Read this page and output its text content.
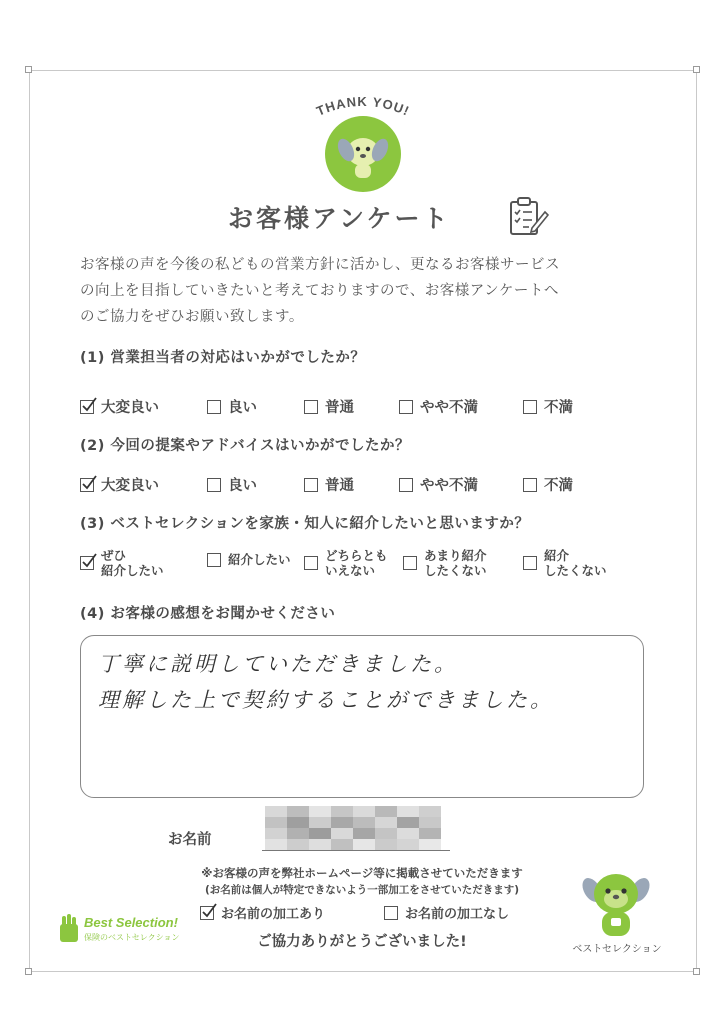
THANK YOU!
お客様アンケート
お客様の声を今後の私どもの営業方針に活かし、更なるお客様サービス
の向上を目指していきたいと考えておりますので、お客様アンケートへ
のご協力をぜひお願い致します。
(1) 営業担当者の対応はいかがでしたか？
大変良い	良い	普通	やや不満	不満
(2) 今回の提案やアドバイスはいかがでしたか？
大変良い	良い	普通	やや不満	不満
(3) ベストセレクションを家族・知人に紹介したいと思いますか？
ぜひ
紹介したい
紹介したい	どちらとも
いえない
あまり紹介
したくない
紹介
したくない
(4) お客様の感想をお聞かせください
丁寧に説明していただきました。
理解した上で契約することができました。
お名前
※お客様の声を弊社ホームページ等に掲載させていただきます
(お名前は個人が特定できないよう一部加工をさせていただきます)
お名前の加工あり	お名前の加工なし
Best Selection!
保険のベストセレクション
ベストセレクション
ご協力ありがとうございました!
